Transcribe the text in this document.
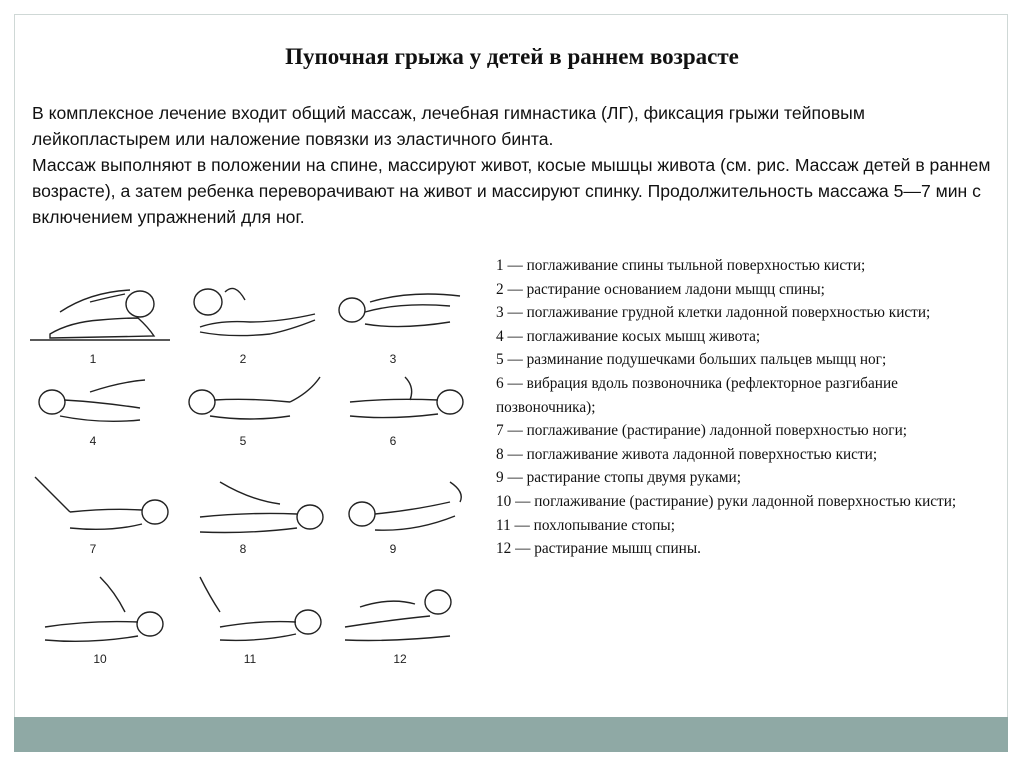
Пупочная грыжа у детей в раннем возрасте

В комплексное лечение входит общий массаж, лечебная гимнастика (ЛГ), фиксация грыжи тейповым лейкопластырем или наложение повязки из эластичного бинта.

Массаж выполняют в положении на спине, массируют живот, косые мышцы живота (см. рис. Массаж детей в раннем возрасте), а затем ребенка переворачивают на живот и массируют спинку. Продолжительность массажа 5—7 мин с включением упражнений для ног.

1	2	3
4	5	6
7	8	9
10	11	12
1 — поглаживание спины тыльной поверхностью кисти;
2 — растирание основанием ладони мыщц спины;
3 — поглаживание грудной клетки ладонной поверхностью кисти;
4 — поглаживание косых мышц живота;
5 — разминание подушечками больших пальцев мыщц ног;
6 — вибрация вдоль позвоночника (рефлекторное разгибание позвоночника);
7 — поглаживание (растирание) ладонной поверхностью ноги;
8 — поглаживание живота ладонной поверхностью кисти;
9 — растирание стопы двумя руками;
10 — поглаживание (растирание) руки ладонной поверхностью кисти;
11 — похлопывание стопы;
12 — растирание мышц спины.
